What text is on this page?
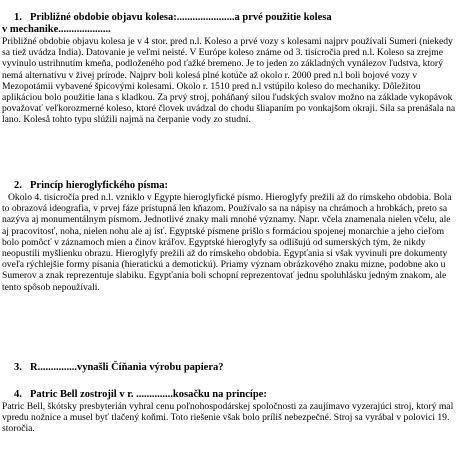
1. Približné obdobie objavu kolesa:......................a prvé použitie kolesa
v mechanike....................
Približné obdobie objavu kolesa je v 4 stor. pred n.l. Koleso a prvé vozy s kolesami najprv používali Sumeri (niekedy sa tiež uvádza India). Datovanie je veľmi neisté. V Európe koleso známe od 3. tisícročia pred n.l. Koleso sa zrejme vyvinulo ustrihnutím kmeňa, podloženého pod ťažké bremeno. Je to jeden zo základných vynálezov ľudstva, ktorý nemá alternatívu v živej prírode. Najprv boli kolesá plné kotúče až okolo r. 2000 pred n.l boli bojové vozy v Mezopotámii vybavené špicovými kolesami. Okolo r. 1510 pred n.l vstúpilo koleso do mechaniky. Dôležitou aplikáciou bolo použitie lana s kladkou. Za prvý stroj, poháňaný silou ľudských svalov možno na základe vykopávok považovať veľkorozmerné koleso, ktoré človek uvádzal do chodu šliapaním po vonkajšom okraji. Sila sa prenášala na lano. Koleså tohto typu slúžili najmä na čerpanie vody zo studní.
2. Princíp hieroglyfického písma:
Okolo 4. tisícročia pred n.l. vzniklo v Egypte hieroglyfické písmo. Hieroglyfy prežili až do rímskeho obdobia. Bola to obrazová ideografia, v prvej fáze prístupná len kňazom. Používalo sa na nápisy na chrámoch a hrobkách, preto sa nazýva aj monumentálnym písmom. Jednotlivé znaky mali mnohé významy. Napr. včela znamenala nielen včelu, ale aj pracovitosť, noha, nielen nohu ale aj ísť. Egyptské písmene prišlo s formáciou spojenej monarchie a jeho cieľom bolo pomôcť v záznamoch mien a činov kráľov. Egyptské hieroglyfy sa odlišujú od sumerských tým, že nikdy neopustili myšlienku obrazu. Hieroglyfy prežili až do rímskeho obdobia. Egypťania si však vyvinuli pre dokumenty oveľa rýchlejšie formy písania (hieratickú a demotickú). Priamy význam obrázkového znaku mizne, podobne ako u Sumerov a znak reprezentuje slabiku. Egypťania boli schopní reprezentovať jednu spoluhlásku jedným znakom, ale tento spôsob nepoužívali.
3. R...............vynašli Číňania výrobu papiera?
4. Patric Bell zostrojil v r. ..............kosačku na princípe:
Patric Bell, škótsky presbyterián vyhral cenu poľnohospodárskej spoločnosti za zaujímavo vyzerajúci stroj, ktorý mal vpredu nožnice a musel byť tlačený koňmi. Toto riešenie však bolo príliš nebezpečné. Stroj sa vyrábal v polovici 19. storočia.
